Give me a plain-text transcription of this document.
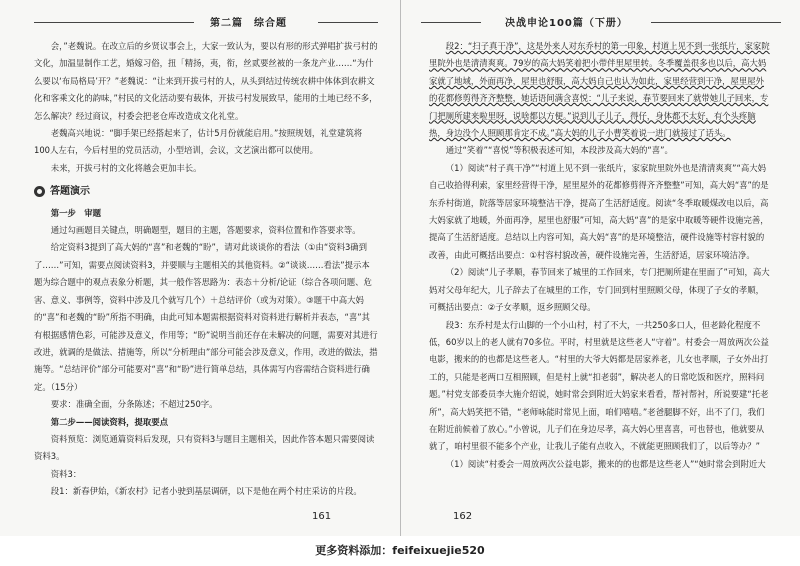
第二篇　综合题

会，”老魏说。在改立后的乡贤议事会上，大家一致认为，要以有形的形式弹唱扩拔弓村的文化，加温显制作工艺，婚嫁习俗，扭「精扬，夷，衔，丝贰要丝被的一条龙产业……“为什么要以‘布局格局’开？”老魏说：“让来到开拔弓村的人，从头到结过传统农耕中体体到农耕文化和客乘文化的韵味，”村民的文化活动要有载体，开拔弓村发展致早，能用的土地已经不多，怎么解决？经过商议，村委会把老仓库改造成文化礼堂。

老魏高兴地说：“脚手架已经搭起来了，估计5月份就能启用。”按照规划，礼堂建筑将100人左右，今后村里的党员活动，小型培训，会议，文艺演出都可以使用。

未来，开拔弓村的文化将越会更加丰长。

答题演示

第一步　审题

通过勾画题目关键点，明确题型，题目的主题，答题要求，资料位置和作答要求等。

给定资料3提到了高大妈的“喜”和老魏的“盼”，请对此谈谈你的看法（①由“资料3确到了……”可知，需要点阅读资料3，并要顺与主题相关的其他资料。②“谈谈……看法”提示本题为综合题中的观点表象分析题，其一般作答思路为：表态＋分析/论证（综合各项问题、危害、意义、事例等，资料中涉及几个就写几个）＋总结评价（或为对策）。③题干中高大妈的“喜”和老魏的“盼”所指不明确，由此可知本题需根据资料对资料进行解析并表态，“喜”其有根据感情色彩，可能涉及意义，作用等；“盼”说明当前还存在未解决的问题，需要对其进行改进，就调的是做法、措施等，所以“分析理由”部分可能会涉及意义，作用，改进的做法，措施等。“总结评价”部分可能要对“喜”和“盼”进行简单总结，具体需写内容需结合资料进行确定。（15分）

要求：准确全面，分条陈述；不超过250字。

第二步——阅读资料，提取要点

资料预览：浏览通篇资料后发现，只有资料3与题目主题相关，因此作答本题只需要阅读资料3。

资料3：

段1：新春伊始，《新农村》记者小驶到基层调研，以下是他在两个村庄采访的片段。

161
决战申论100篇（下册）

段2：“扫子真干净”，这是外来人对东乔村的第一印象，村道上见不到一张纸片，家家院里院外也是清清爽爽。79岁的高大妈笑着把小带伴里屋里转。冬季覆盖很多也以后，高大妈家就了地域，外面再净，屋里也舒服，高大妈自己也认为如此，家里经营到干净，屋里屋外的花都修剪得齐齐整整，她话语间满含喜悦：“儿子来说，春节要回来了就带她儿子回来，专门把厕所建来啦里呀，说啥都以方便。”说到儿子儿子，得仔，身体都不太好，有个头疼脑热，身边没个人照顾那肯定不成。”高大妈的儿子小曹笑着说一进门就接过了话头。

通过“笑着”“喜悦”等积极表述可知，本段涉及高大妈的“喜”。

（1）阅读“村子真干净”“村道上见不到一张纸片，家家院里院外也是清清爽爽”“高大妈自己收拾得利索，家里经营得干净，屋里屋外的花都修剪得齐齐整整”可知，高大妈“喜”的是东乔村街道，院落等居家环境整洁干净，提高了生活舒适度。阅读“冬季取暖煤改电以后，高大妈家就了地暖，外面再净，屋里也舒服”可知，高大妈“喜”的是家中取暖等硬件设施完善，提高了生活舒适度。总结以上内容可知，高大妈“喜”的是环境整洁，硬件设施等村容村貌的改善，由此可概括出要点：①村容村貌改善，硬件设施完善，生活舒适，居家环境洁净。

（2）阅读“儿子孝顺，春节回来了城里的工作回来，专门把厕所建在里面了”可知，高大妈对父母年纪大，儿子辞去了在城里的工作，专门回到村里照顾父母，体现了子女的孝顺，可概括出要点：②子女孝顺，返乡照顾父母。

段3：东乔村是太行山脚的一个小山村，村了不大，一共250多口人，但老龄化程度不低，60岁以上的老人就有70多位。平时，村里就是这些老人“守着”。村委会一周放两次公益电影，搬来的的也都是这些老人。“村里的大爷大妈都是居家养老，儿女也孝顺，子女外出打工的，只能是老两口互相照顾，但是村上就“扣老弱”，解决老人的日常吃饭和医疗，照料问题。”村党支部委员李大施介绍说，她时常会到附近大妈家来看看，帮衬帮衬，所说要建“托老所”，高大妈笑把不错，“老师咏能时常见上面，咱们嘻嘻。”老爸腿脚不好，出不了门，我们在附近前候着了放心。”小曾说，儿子们在身边尽孝，高大妈心里喜喜，可也替也，他就要从就了，咱村里很不能多个产业，让我儿子能有点收入，不就能更照顾我们了，以后等办？”

（1）阅读“村委会一周放两次公益电影，搬来的的也都是这些老人”“她时常会到附近大

162
更多资料添加：feifeixuejie520
